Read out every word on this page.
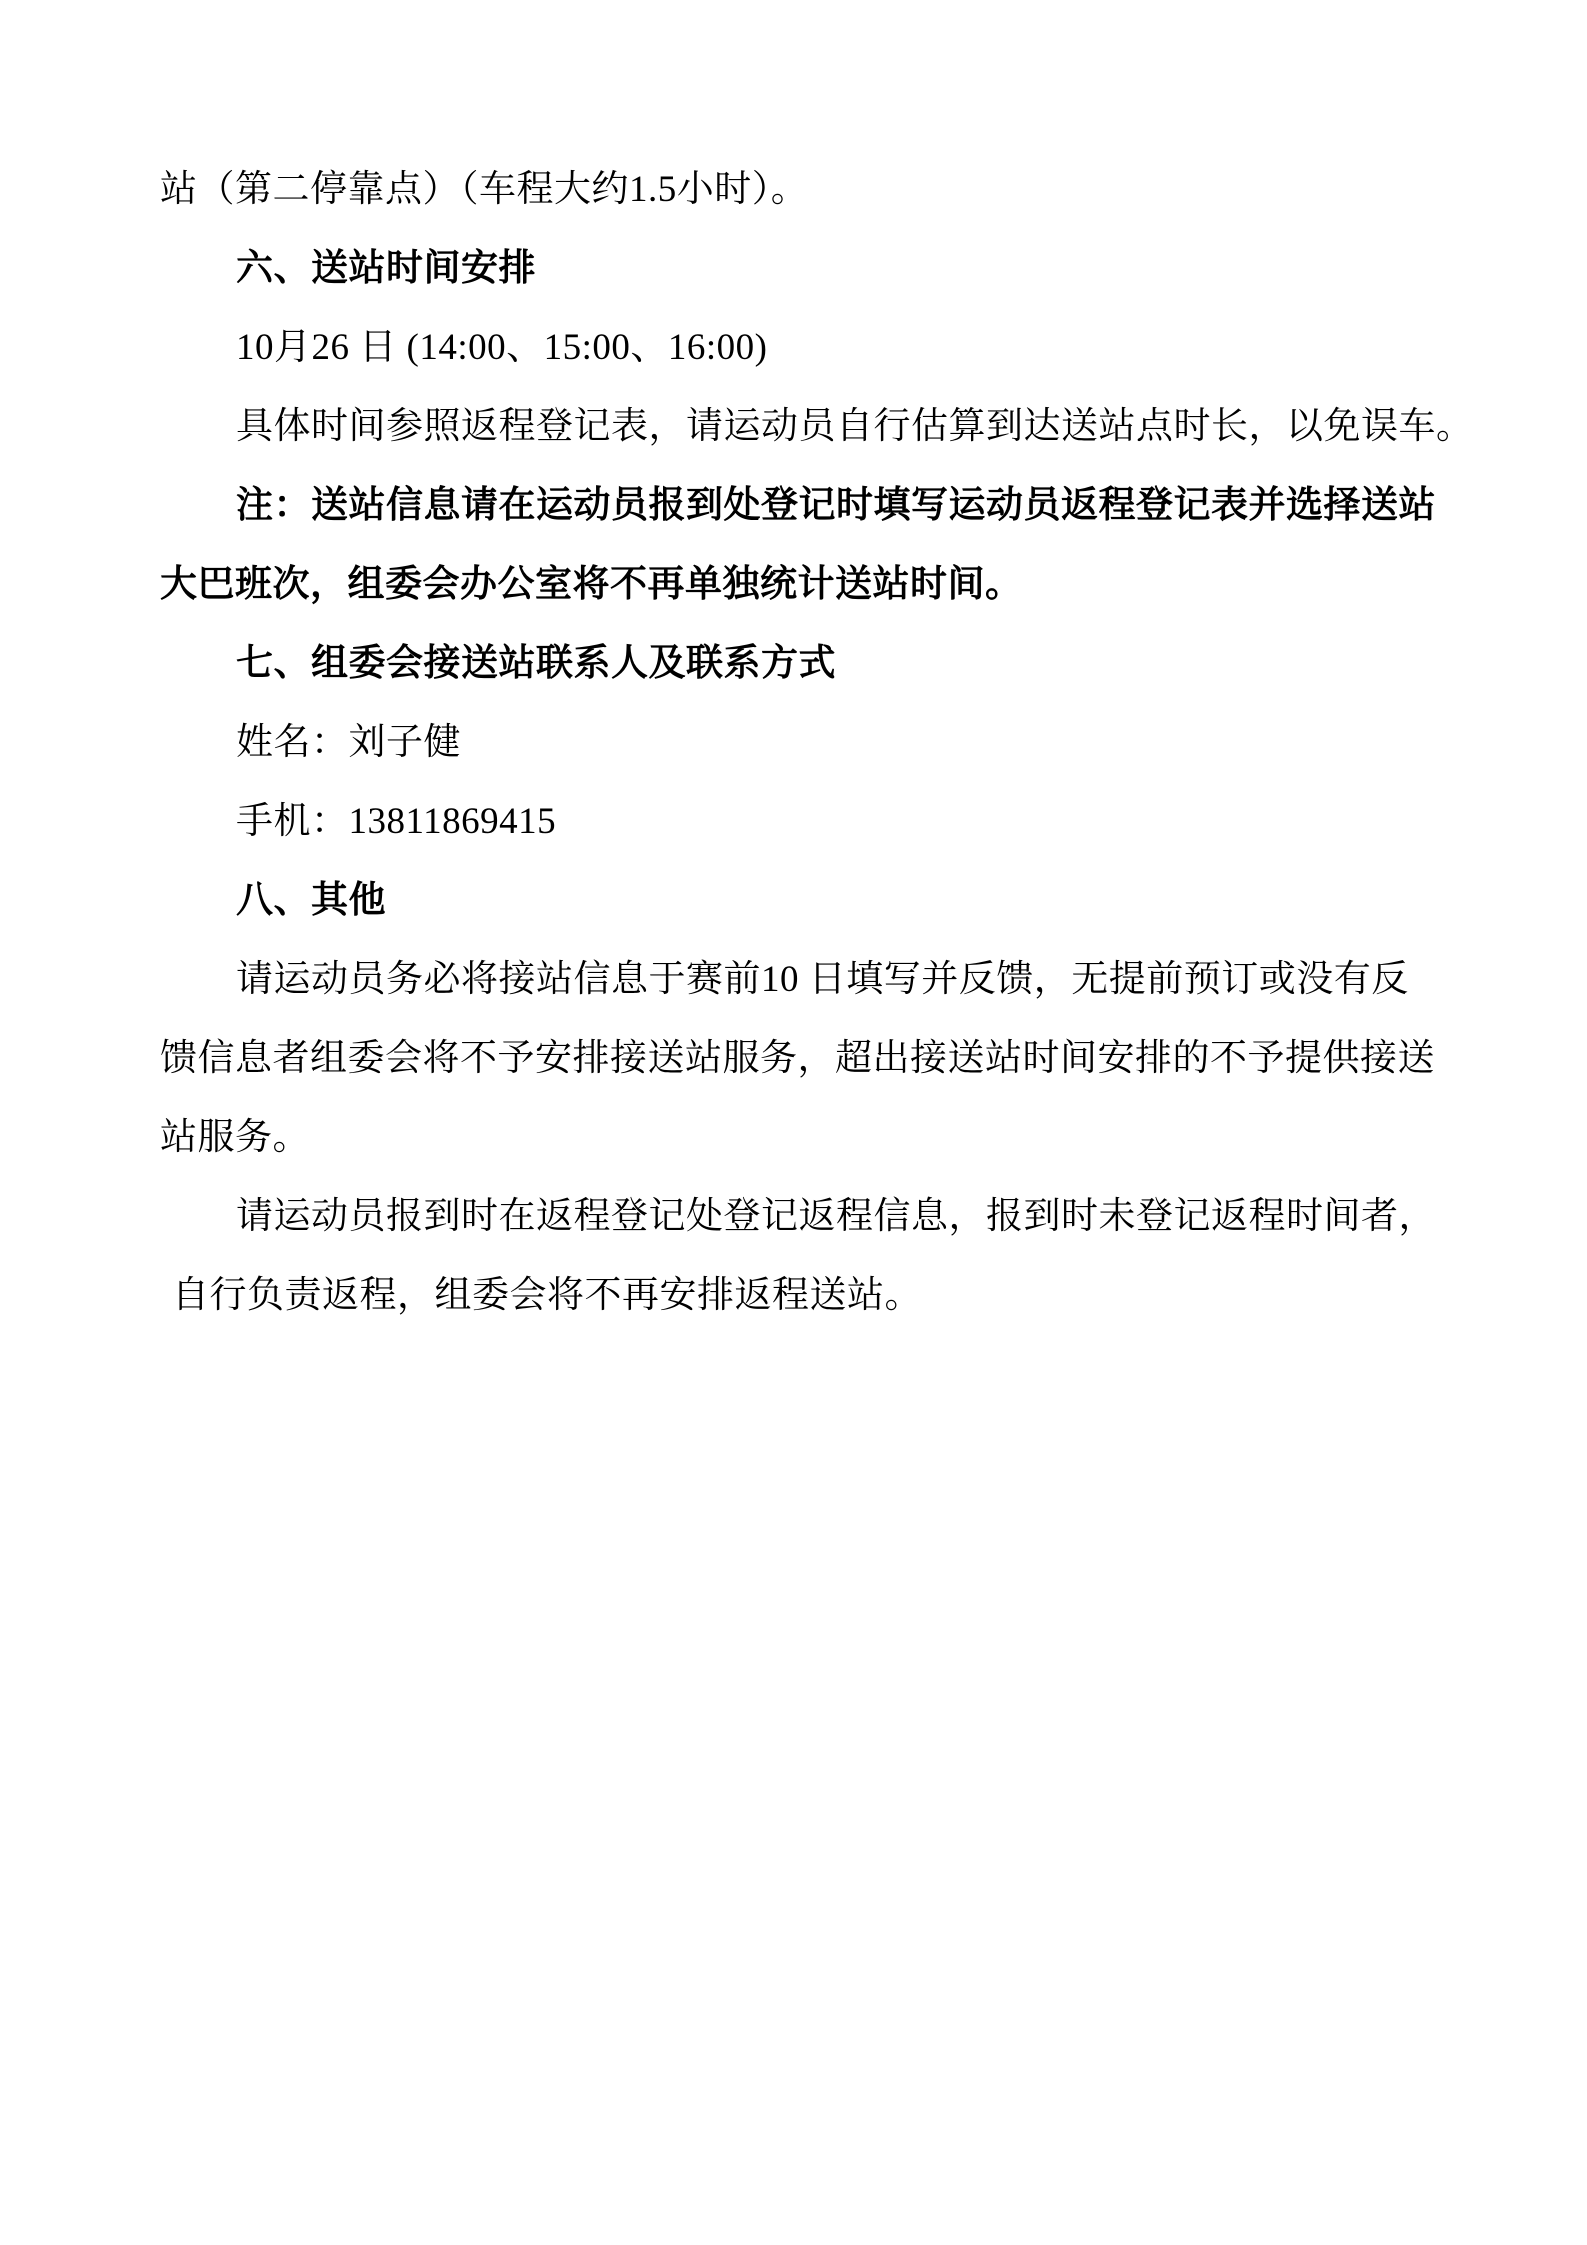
站（第二停靠点）（车程大约1.5小时）。
六、送站时间安排
10月26 日 (14:00、15:00、16:00)
具体时间参照返程登记表，请运动员自行估算到达送站点时长，以免误车。
注：送站信息请在运动员报到处登记时填写运动员返程登记表并选择送站
大巴班次，组委会办公室将不再单独统计送站时间。
七、组委会接送站联系人及联系方式
姓名：刘子健
手机：13811869415
八、其他
请运动员务必将接站信息于赛前10 日填写并反馈，无提前预订或没有反
馈信息者组委会将不予安排接送站服务，超出接送站时间安排的不予提供接送
站服务。
请运动员报到时在返程登记处登记返程信息，报到时未登记返程时间者，
自行负责返程，组委会将不再安排返程送站。
